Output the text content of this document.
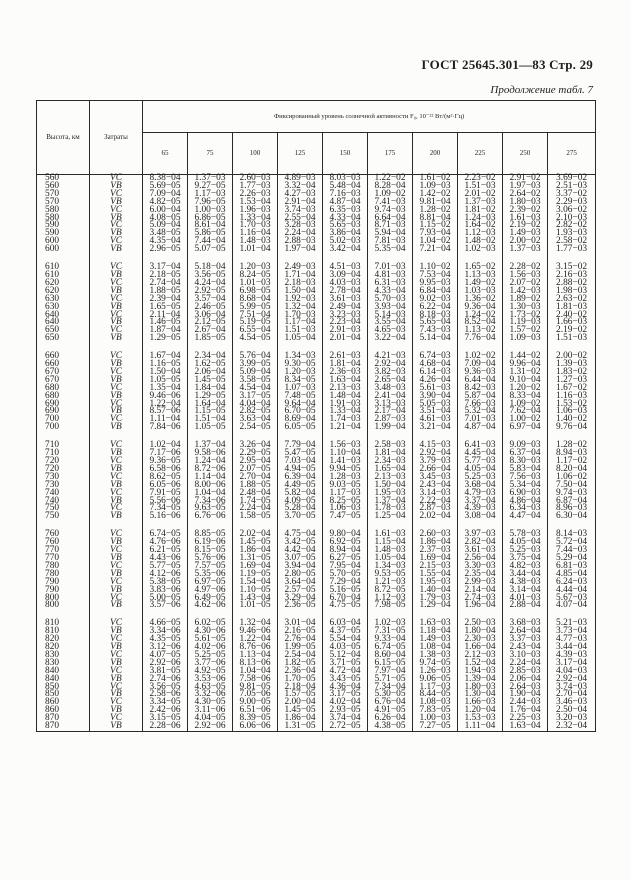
ГОСТ 25645.301—83 Стр. 29
Продолжение табл. 7
Высота, км	Затраты	Фиксированный уровень солнечной активности F₀, 10⁻²² Вт/(м²·Гц)									
		65	75	100	125	150	175	200	225	250	275
560	VC	8.38−04	1.37−03	2.60−03	4.89−03	8.03−03	1.22−02	1.61−02	2.23−02	2.91−02	3.69−02
560	VB	5.69−05	9.27−05	1.77−03	3.32−04	5.48−04	8.28−04	1.09−03	1.51−03	1.97−03	2.51−03
570	VC	7.09−04	1.17−03	2.26−03	4.27−03	7.16−03	1.09−02	1.42−02	2.01−02	2.64−02	3.37−02
570	VB	4.82−05	7.96−05	1.53−04	2.91−04	4.87−04	7.41−03	9.81−04	1.37−03	1.80−03	2.29−03
580	VC	6.00−04	1.00−03	1.96−03	3.74−03	6.35−03	9.74−03	1.28−02	1.81−02	2.39−02	3.06−02
580	VB	4.08−05	6.86−05	1.33−04	2.55−04	4.33−04	6.64−04	8.81−04	1.24−03	1.61−03	2.10−03
590	VC	5.09−04	8.61−04	1.70−03	3.28−03	5.65−03	8.71−03	1.15−02	1.64−02	2.19−02	2.82−02
590	VB	3.48−05	5.86−05	1.16−04	2.24−04	3.86−04	5.94−04	7.93−04	1.12−03	1.49−03	1.93−03
600	VC	4.35−04	7.44−04	1.48−03	2.88−03	5.02−03	7.81−03	1.04−02	1.48−02	2.00−02	2.58−02
600	VB	2.96−05	5.07−05	1.01−04	1.97−04	3.42−04	5.35−04	7.21−04	1.02−03	1.37−03	1.77−03

610	VC	3.17−04	5.18−04	1.20−03	2.49−03	4.51−03	7.01−03	1.10−02	1.65−02	2.28−02	3.15−02
610	VB	2.18−05	3.56−05	8.24−05	1.71−04	3.09−04	4.81−03	7.53−04	1.13−03	1.56−03	2.16−03
620	VC	2.74−04	4.24−04	1.01−03	2.18−03	4.03−03	6.31−03	9.95−03	1.49−02	2.07−02	2.88−02
620	VB	1.88−05	2.92−05	6.98−05	1.50−04	2.78−04	4.33−04	6.84−04	1.03−03	1.42−03	1.98−03
630	VC	2.39−04	3.57−04	8.68−04	1.92−03	3.61−03	5.70−03	9.02−03	1.36−02	1.89−02	2.63−02
630	VB	1.65−05	2.46−05	5.99−05	1.32−04	2.49−04	3.93−04	6.22−04	9.36−04	1.30−03	1.81−03
640	VC	2.11−04	3.06−04	7.51−04	1.70−03	3.23−03	5.14−03	8.18−03	1.24−02	1.73−02	2.40−02
640	VB	1.46−05	2.12−05	5.19−05	1.17−04	2.23−04	3.55−04	5.65−04	8.52−04	1.19−03	1.66−03
650	VC	1.87−04	2.67−04	6.55−04	1.51−03	2.91−03	4.65−03	7.43−03	1.13−02	1.57−02	2.19−02
650	VB	1.29−05	1.85−05	4.54−05	1.05−04	2.01−04	3.22−04	5.14−04	7.76−04	1.09−03	1.51−03

660	VC	1.67−04	2.34−04	5.76−04	1.34−03	2.61−03	4.21−03	6.74−03	1.02−02	1.44−02	2.00−02
660	VB	1.16−05	1.62−05	3.99−05	9.30−05	1.81−04	2.92−04	4.68−04	7.09−04	9.96−04	1.39−03
670	VC	1.50−04	2.06−04	5.09−04	1.20−03	2.36−03	3.82−03	6.14−03	9.36−03	1.31−02	1.83−02
670	VB	1.05−05	1.45−05	3.58−05	8.34−05	1.63−04	2.65−04	4.26−04	6.44−04	9.10−04	1.27−03
680	VC	1.35−04	1.84−04	4.54−04	1.07−03	2.13−03	3.48−03	5.61−03	8.42−03	1.20−02	1.67−02
680	VB	9.46−06	1.29−05	3.17−05	7.48−05	1.48−04	2.41−04	3.90−04	5.87−04	8.33−04	1.16−03
690	VC	1.22−04	1.64−04	4.04−04	9.64−04	1.91−03	3.13−03	5.05−03	7.66−03	1.09−02	1.53−02
690	VB	8.57−06	1.15−05	2.82−05	6.70−05	1.33−04	2.17−04	3.51−04	5.32−04	7.62−04	1.06−03
700	VC	1.11−04	1.51−04	3.63−04	8.69−04	1.74−03	2.87−03	4.61−03	7.01−03	1.00−02	1.40−02
700	VB	7.84−06	1.05−05	2.54−05	6.05−05	1.21−04	1.99−04	3.21−04	4.87−04	6.97−04	9.76−04

710	VC	1.02−04	1.37−04	3.26−04	7.79−04	1.56−03	2.58−03	4.15−03	6.41−03	9.09−03	1.28−02
710	VB	7.17−06	9.58−06	2.29−05	5.47−05	1.10−04	1.81−04	2.92−04	4.45−04	6.37−04	8.94−03
720	VC	9.36−05	1.24−04	2.95−04	7.03−04	1.41−03	2.34−03	3.79−03	5.77−03	8.30−03	1.17−02
720	VB	6.58−06	8.72−06	2.07−05	4.94−05	9.94−05	1.65−04	2.66−04	4.05−04	5.83−04	8.20−04
730	VC	8.62−05	1.14−04	2.70−04	6.39−04	1.28−03	2.13−03	3.45−03	5.25−03	7.56−03	1.06−02
730	VB	6.05−06	8.00−06	1.88−05	4.49−05	9.03−05	1.50−04	2.43−04	3.68−04	5.34−04	7.50−04
740	VC	7.91−05	1.04−04	2.48−04	5.82−04	1.17−03	1.95−03	3.14−03	4.79−03	6.90−03	9.74−03
740	VB	5.56−06	7.34−06	1.74−05	4.09−05	8.25−05	1.37−04	2.22−04	3.37−04	4.86−04	6.87−04
750	VC	7.34−05	9.63−05	2.24−04	5.28−04	1.06−03	1.78−03	2.87−03	4.39−03	6.34−03	8.96−03
750	VB	5.16−06	6.76−06	1.58−05	3.70−05	7.47−05	1.25−04	2.02−04	3.08−04	4.47−04	6.30−04

760	VC	6.74−05	8.85−05	2.02−04	4.75−04	9.80−04	1.61−03	2.60−03	3.97−03	5.78−03	8.14−03
760	VB	4.76−06	6.19−06	1.45−05	3.42−05	6.92−05	1.15−04	1.86−04	2.82−04	4.05−04	5.72−04
770	VC	6.21−05	8.15−05	1.86−04	4.42−04	8.94−04	1.48−03	2.37−03	3.61−03	5.25−03	7.44−03
770	VB	4.43−06	5.76−06	1.31−05	3.07−05	6.27−05	1.05−04	1.69−04	2.56−04	3.75−04	5.29−04
780	VC	5.77−05	7.57−05	1.69−04	3.94−04	7.95−04	1.34−03	2.15−03	3.30−03	4.82−03	6.81−03
780	VB	4.12−06	5.35−06	1.19−05	2.80−05	5.70−05	9.53−05	1.55−04	2.35−04	3.44−04	4.85−04
790	VC	5.38−05	6.97−05	1.54−04	3.64−04	7.29−04	1.21−03	1.95−03	2.99−03	4.38−03	6.24−03
790	VB	3.83−06	4.97−06	1.10−05	2.57−05	5.16−05	8.72−05	1.40−04	2.14−04	3.14−04	4.44−04
800	VC	5.00−05	6.49−05	1.43−04	3.29−04	6.70−04	1.12−03	1.79−03	2.74−03	4.01−03	5.67−03
800	VB	3.57−06	4.62−06	1.01−05	2.36−05	4.75−05	7.98−05	1.29−04	1.96−04	2.88−04	4.07−04

810	VC	4.66−05	6.02−05	1.32−04	3.01−04	6.03−04	1.02−03	1.63−03	2.50−03	3.68−03	5.21−03
810	VB	3.34−06	4.30−06	9.46−06	2.16−05	4.37−05	7.31−05	1.18−04	1.80−04	2.64−04	3.73−04
820	VC	4.35−05	5.61−05	1.22−04	2.76−04	5.54−04	9.33−04	1.49−03	2.30−03	3.37−03	4.77−03
820	VB	3.12−06	4.02−06	8.76−06	1.99−05	4.03−05	6.74−05	1.08−04	1.66−04	2.43−04	3.44−04
830	VC	4.07−05	5.25−05	1.13−04	2.54−04	5.12−04	8.60−04	1.38−03	2.12−03	3.10−03	4.39−03
830	VB	2.92−06	3.77−06	8.13−06	1.82−05	3.71−05	6.15−05	9.74−05	1.52−04	2.24−04	3.17−04
840	VC	3.81−05	4.92−05	1.04−04	2.36−04	4.72−04	7.97−04	1.26−03	1.94−03	2.85−03	4.04−03
840	VB	2.74−06	3.53−06	7.58−06	1.70−05	3.43−05	5.71−05	9.06−05	1.39−04	2.06−04	2.92−04
850	VC	3.56−05	4.63−05	9.81−05	2.18−04	4.36−04	7.34−04	1.17−03	1.80−03	2.64−03	3.74−03
850	VB	2.58−06	3.32−06	7.05−06	1.57−05	3.17−05	5.30−05	8.44−05	1.30−04	1.90−04	2.70−04
860	VC	3.34−05	4.30−05	9.00−05	2.00−04	4.02−04	6.76−04	1.08−03	1.66−03	2.44−03	3.46−03
860	VB	2.42−06	3.11−06	6.51−06	1.45−05	2.93−05	4.91−05	7.83−05	1.20−04	1.76−04	2.50−04
870	VC	3.15−05	4.04−05	8.39−05	1.86−04	3.74−04	6.26−04	1.00−03	1.53−03	2.25−03	3.20−03
870	VB	2.28−06	2.92−06	6.06−06	1.31−05	2.72−05	4.38−05	7.27−05	1.11−04	1.63−04	2.32−04
